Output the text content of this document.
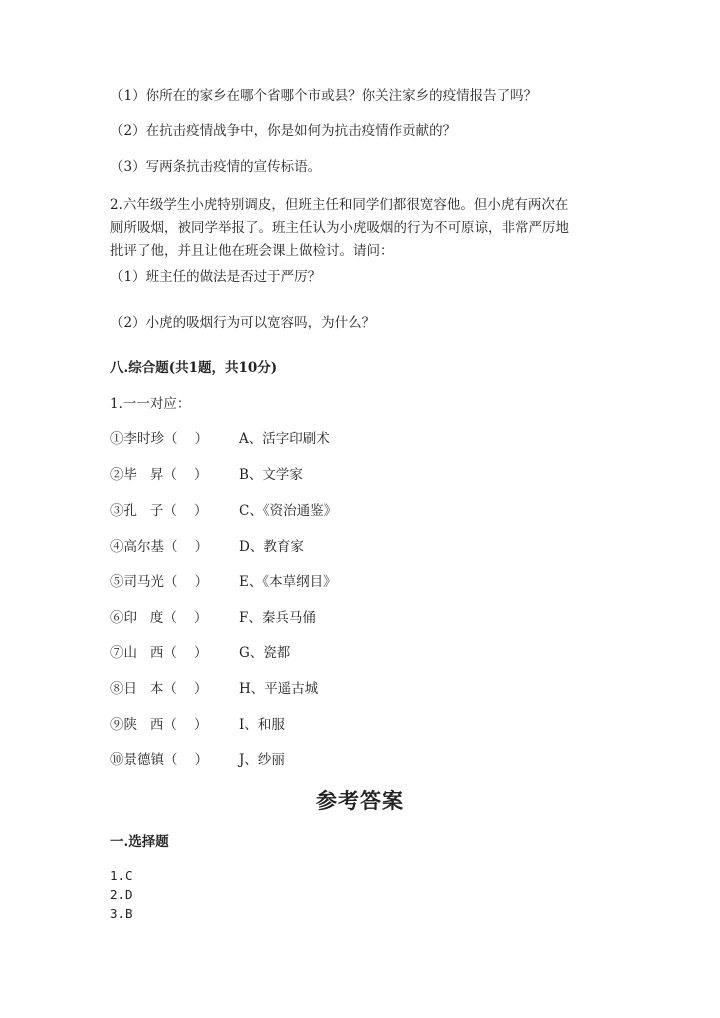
（1）你所在的家乡在哪个省哪个市或县？你关注家乡的疫情报告了吗？
（2）在抗击疫情战争中，你是如何为抗击疫情作贡献的？
（3）写两条抗击疫情的宣传标语。
2.六年级学生小虎特别调皮，但班主任和同学们都很宽容他。但小虎有两次在
厕所吸烟，被同学举报了。班主任认为小虎吸烟的行为不可原谅，非常严厉地
批评了他，并且让他在班会课上做检讨。请问：
（1）班主任的做法是否过于严厉？
（2）小虎的吸烟行为可以宽容吗，为什么？
八.综合题(共1题，共10分)
1.一一对应：
①李时珍（    ） A、活字印刷术
②毕   昇（    ） B、文学家
③孔   子（    ） C、《资治通鉴》
④高尔基（    ） D、教育家
⑤司马光（    ） E、《本草纲目》
⑥印   度（    ） F、秦兵马俑
⑦山   西（    ） G、瓷都
⑧日   本（    ） H、平遥古城
⑨陕   西（    ） I、和服
⑩景德镇（    ） J、纱丽
参考答案
一.选择题
1.C
2.D
3.B
